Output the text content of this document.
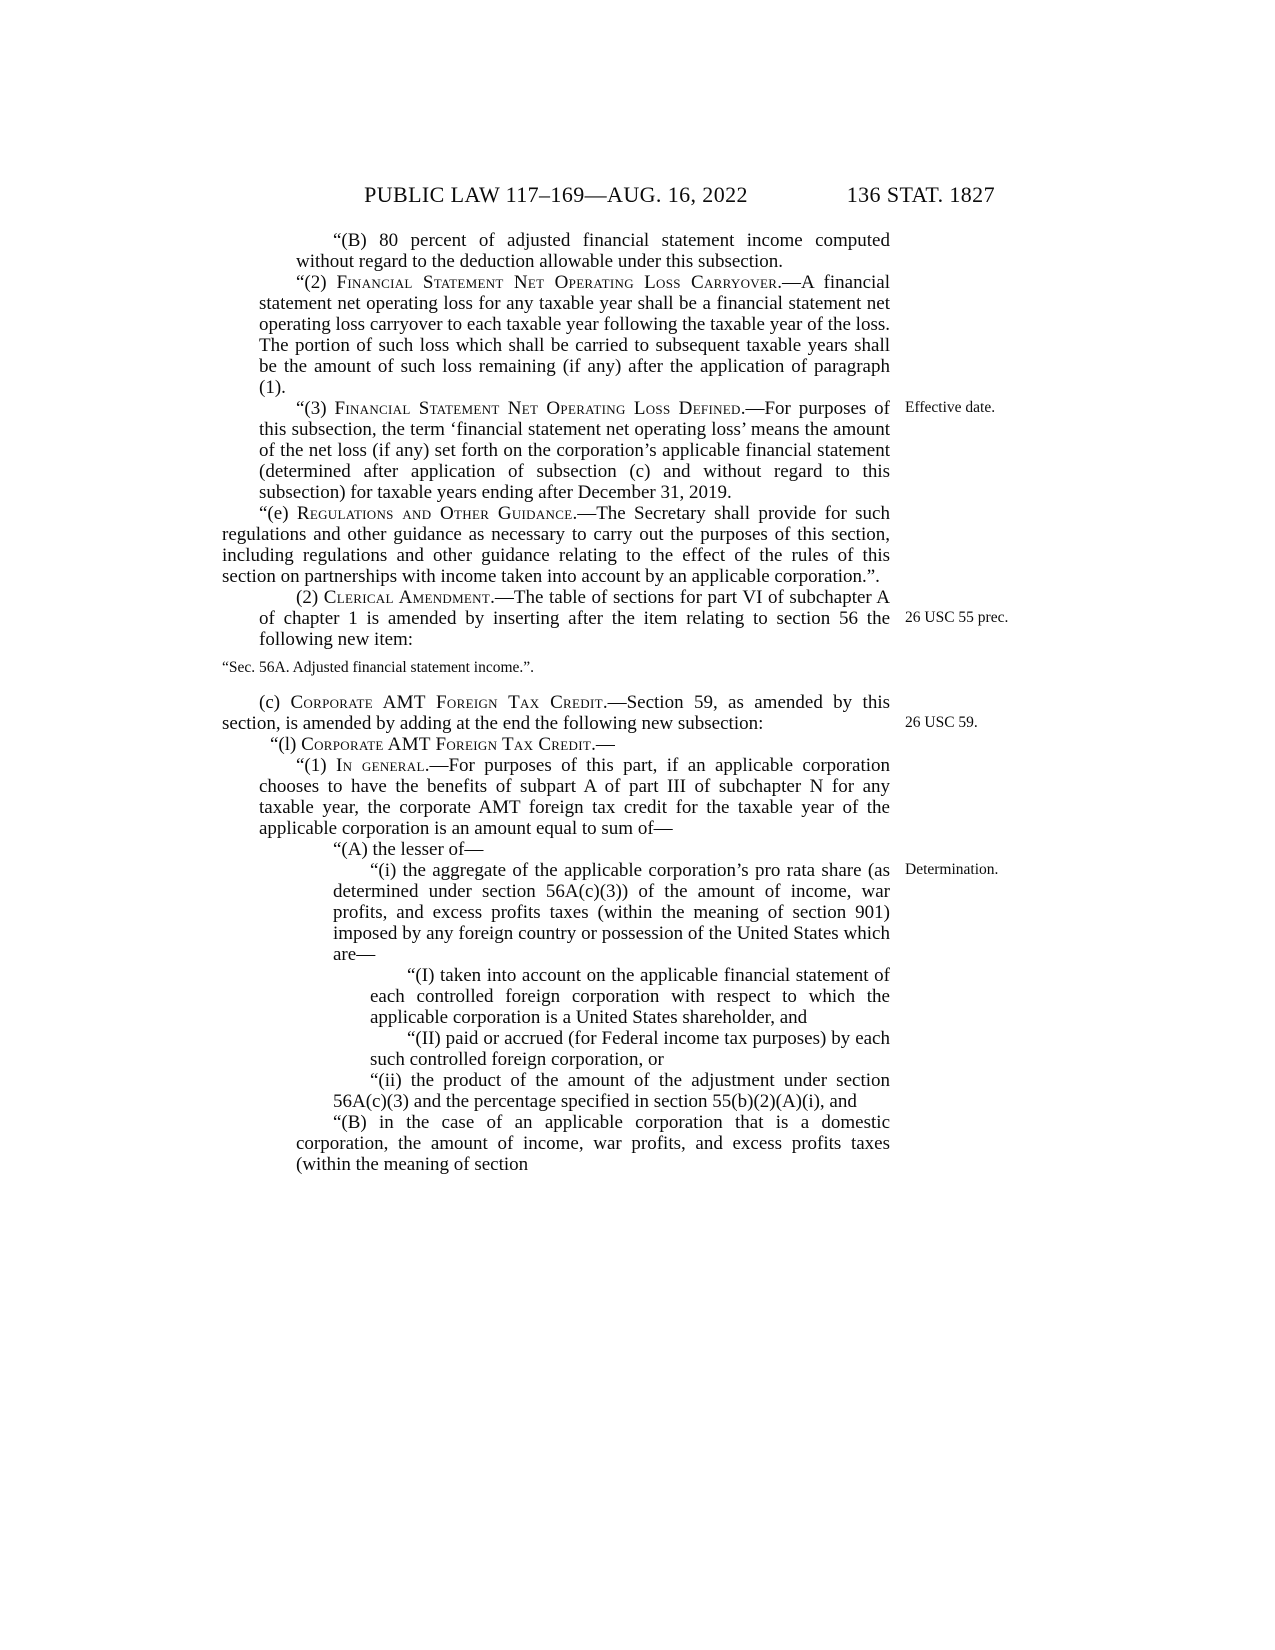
PUBLIC LAW 117–169—AUG. 16, 2022	136 STAT. 1827

“(B) 80 percent of adjusted financial statement income computed without regard to the deduction allowable under this subsection.

“(2) Financial Statement Net Operating Loss Carryover.—A financial statement net operating loss for any taxable year shall be a financial statement net operating loss carryover to each taxable year following the taxable year of the loss. The portion of such loss which shall be carried to subsequent taxable years shall be the amount of such loss remaining (if any) after the application of paragraph (1).

Effective date.
“(3) Financial Statement Net Operating Loss Defined.—For purposes of this subsection, the term ‘financial statement net operating loss’ means the amount of the net loss (if any) set forth on the corporation’s applicable financial statement (determined after application of subsection (c) and without regard to this subsection) for taxable years ending after December 31, 2019.

“(e) Regulations and Other Guidance.—The Secretary shall provide for such regulations and other guidance as necessary to carry out the purposes of this section, including regulations and other guidance relating to the effect of the rules of this section on partnerships with income taken into account by an applicable corporation.”.

26 USC 55 prec.
(2) Clerical Amendment.—The table of sections for part VI of subchapter A of chapter 1 is amended by inserting after the item relating to section 56 the following new item:

“Sec. 56A. Adjusted financial statement income.”.

26 USC 59.
(c) Corporate AMT Foreign Tax Credit.—Section 59, as amended by this section, is amended by adding at the end the following new subsection:

“(l) Corporate AMT Foreign Tax Credit.—

“(1) In general.—For purposes of this part, if an applicable corporation chooses to have the benefits of subpart A of part III of subchapter N for any taxable year, the corporate AMT foreign tax credit for the taxable year of the applicable corporation is an amount equal to sum of—

“(A) the lesser of—

Determination.
“(i) the aggregate of the applicable corporation’s pro rata share (as determined under section 56A(c)(3)) of the amount of income, war profits, and excess profits taxes (within the meaning of section 901) imposed by any foreign country or possession of the United States which are—

“(I) taken into account on the applicable financial statement of each controlled foreign corporation with respect to which the applicable corporation is a United States shareholder, and

“(II) paid or accrued (for Federal income tax purposes) by each such controlled foreign corporation, or

“(ii) the product of the amount of the adjustment under section 56A(c)(3) and the percentage specified in section 55(b)(2)(A)(i), and

“(B) in the case of an applicable corporation that is a domestic corporation, the amount of income, war profits, and excess profits taxes (within the meaning of section
